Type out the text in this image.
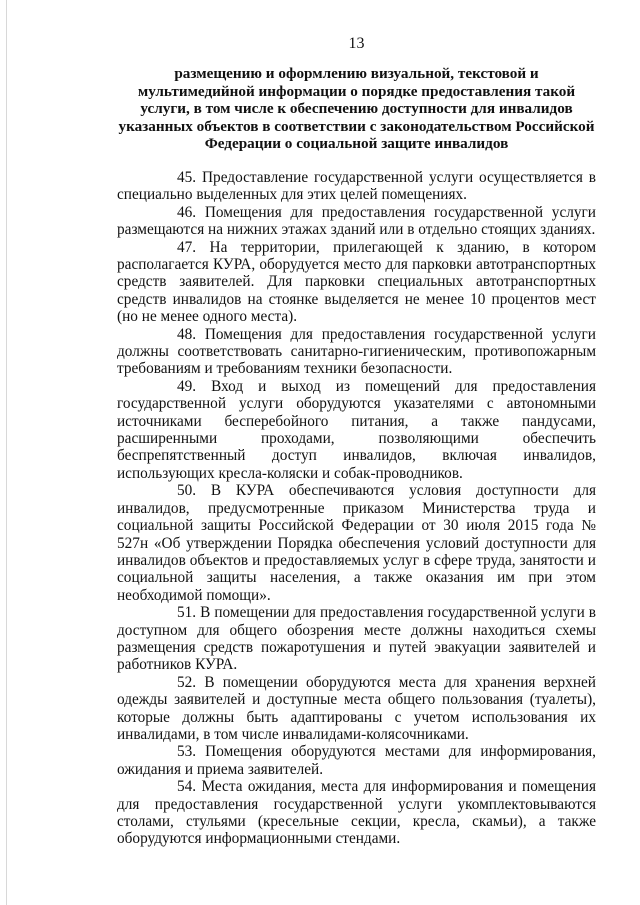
13
размещению и оформлению визуальной, текстовой и мультимедийной информации о порядке предоставления такой услуги, в том числе к обеспечению доступности для инвалидов указанных объектов в соответствии с законодательством Российской Федерации о социальной защите инвалидов

45. Предоставление государственной услуги осуществляется в специально выделенных для этих целей помещениях.

46. Помещения для предоставления государственной услуги размещаются на нижних этажах зданий или в отдельно стоящих зданиях.

47. На территории, прилегающей к зданию, в котором располагается КУРА, оборудуется место для парковки автотранспортных средств заявителей. Для парковки специальных автотранспортных средств инвалидов на стоянке выделяется не менее 10 процентов мест (но не менее одного места).

48. Помещения для предоставления государственной услуги должны соответствовать санитарно-гигиеническим, противопожарным требованиям и требованиям техники безопасности.

49. Вход и выход из помещений для предоставления государственной услуги оборудуются указателями с автономными источниками бесперебойного питания, а также пандусами, расширенными проходами, позволяющими обеспечить беспрепятственный доступ инвалидов, включая инвалидов, использующих кресла-коляски и собак-проводников.

50. В КУРА обеспечиваются условия доступности для инвалидов, предусмотренные приказом Министерства труда и социальной защиты Российской Федерации от 30 июля 2015 года № 527н «Об утверждении Порядка обеспечения условий доступности для инвалидов объектов и предоставляемых услуг в сфере труда, занятости и социальной защиты населения, а также оказания им при этом необходимой помощи».

51. В помещении для предоставления государственной услуги в доступном для общего обозрения месте должны находиться схемы размещения средств пожаротушения и путей эвакуации заявителей и работников КУРА.

52. В помещении оборудуются места для хранения верхней одежды заявителей и доступные места общего пользования (туалеты), которые должны быть адаптированы с учетом использования их инвалидами, в том числе инвалидами-колясочниками.

53. Помещения оборудуются местами для информирования, ожидания и приема заявителей.

54. Места ожидания, места для информирования и помещения для предоставления государственной услуги укомплектовываются столами, стульями (кресельные секции, кресла, скамьи), а также оборудуются информационными стендами.
